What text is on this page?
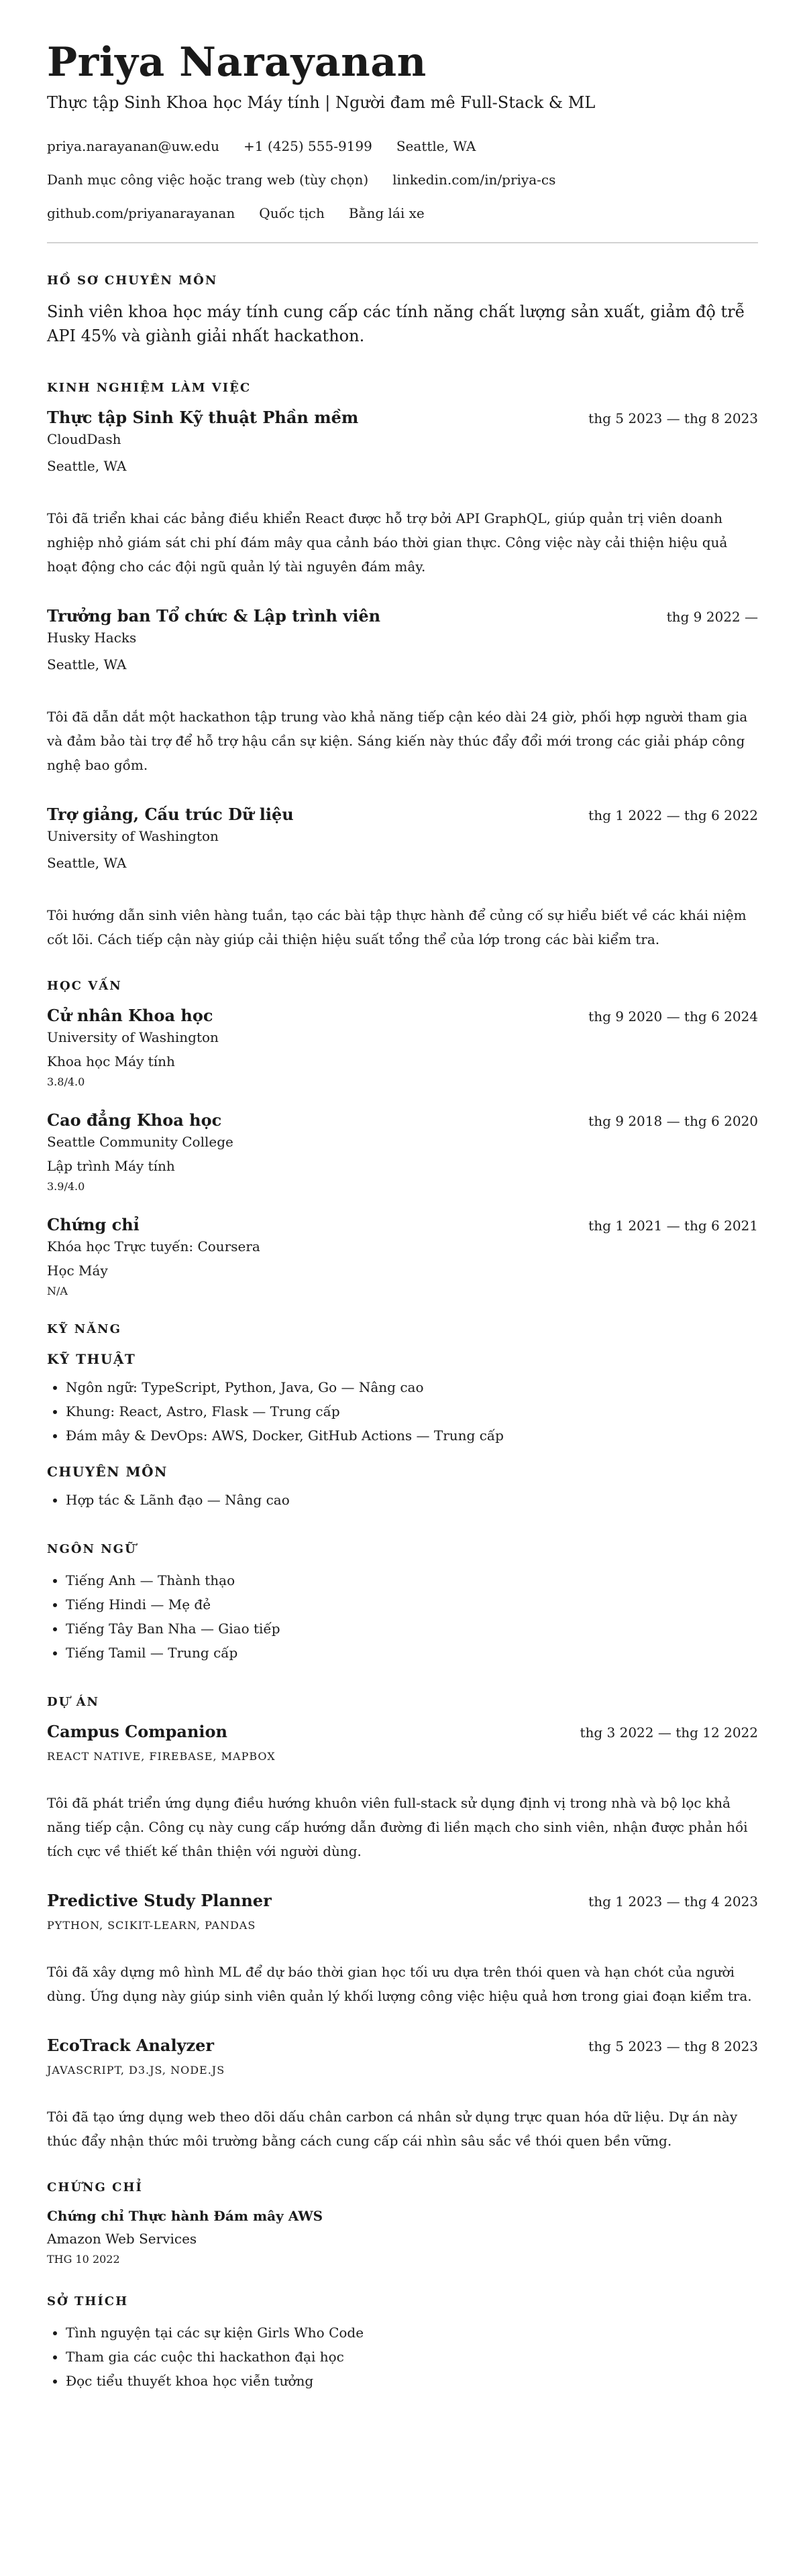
Priya Narayanan
Thực tập Sinh Khoa học Máy tính | Người đam mê Full-Stack & ML
priya.narayanan@uw.edu +1 (425) 555-9199 Seattle, WA
Danh mục công việc hoặc trang web (tùy chọn) linkedin.com/in/priya-cs
github.com/priyanarayanan Quốc tịch Bằng lái xe
HỒ SƠ CHUYÊN MÔN

Sinh viên khoa học máy tính cung cấp các tính năng chất lượng sản xuất, giảm độ trễ API 45% và giành giải nhất hackathon.

KINH NGHIỆM LÀM VIỆC
Thực tập Sinh Kỹ thuật Phần mềm	thg 5 2023 — thg 8 2023
CloudDash
Seattle, WA

Tôi đã triển khai các bảng điều khiển React được hỗ trợ bởi API GraphQL, giúp quản trị viên doanh nghiệp nhỏ giám sát chi phí đám mây qua cảnh báo thời gian thực. Công việc này cải thiện hiệu quả hoạt động cho các đội ngũ quản lý tài nguyên đám mây.

Trưởng ban Tổ chức & Lập trình viên	thg 9 2022 —
Husky Hacks
Seattle, WA

Tôi đã dẫn dắt một hackathon tập trung vào khả năng tiếp cận kéo dài 24 giờ, phối hợp người tham gia và đảm bảo tài trợ để hỗ trợ hậu cần sự kiện. Sáng kiến này thúc đẩy đổi mới trong các giải pháp công nghệ bao gồm.

Trợ giảng, Cấu trúc Dữ liệu	thg 1 2022 — thg 6 2022
University of Washington
Seattle, WA

Tôi hướng dẫn sinh viên hàng tuần, tạo các bài tập thực hành để củng cố sự hiểu biết về các khái niệm cốt lõi. Cách tiếp cận này giúp cải thiện hiệu suất tổng thể của lớp trong các bài kiểm tra.

HỌC VẤN
Cử nhân Khoa học	thg 9 2020 — thg 6 2024
University of Washington
Khoa học Máy tính
3.8/4.0
Cao đẳng Khoa học	thg 9 2018 — thg 6 2020
Seattle Community College
Lập trình Máy tính
3.9/4.0
Chứng chỉ	thg 1 2021 — thg 6 2021
Khóa học Trực tuyến: Coursera
Học Máy
N/A
KỸ NĂNG
KỸ THUẬT
• Ngôn ngữ: TypeScript, Python, Java, Go — Nâng cao
• Khung: React, Astro, Flask — Trung cấp
• Đám mây & DevOps: AWS, Docker, GitHub Actions — Trung cấp
CHUYÊN MÔN
• Hợp tác & Lãnh đạo — Nâng cao
NGÔN NGỮ
• Tiếng Anh — Thành thạo
• Tiếng Hindi — Mẹ đẻ
• Tiếng Tây Ban Nha — Giao tiếp
• Tiếng Tamil — Trung cấp
DỰ ÁN
Campus Companion	thg 3 2022 — thg 12 2022
REACT NATIVE, FIREBASE, MAPBOX

Tôi đã phát triển ứng dụng điều hướng khuôn viên full-stack sử dụng định vị trong nhà và bộ lọc khả năng tiếp cận. Công cụ này cung cấp hướng dẫn đường đi liền mạch cho sinh viên, nhận được phản hồi tích cực về thiết kế thân thiện với người dùng.

Predictive Study Planner	thg 1 2023 — thg 4 2023
PYTHON, SCIKIT-LEARN, PANDAS

Tôi đã xây dựng mô hình ML để dự báo thời gian học tối ưu dựa trên thói quen và hạn chót của người dùng. Ứng dụng này giúp sinh viên quản lý khối lượng công việc hiệu quả hơn trong giai đoạn kiểm tra.

EcoTrack Analyzer	thg 5 2023 — thg 8 2023
JAVASCRIPT, D3.JS, NODE.JS

Tôi đã tạo ứng dụng web theo dõi dấu chân carbon cá nhân sử dụng trực quan hóa dữ liệu. Dự án này thúc đẩy nhận thức môi trường bằng cách cung cấp cái nhìn sâu sắc về thói quen bền vững.

CHỨNG CHỈ
Chứng chỉ Thực hành Đám mây AWS
Amazon Web Services
THG 10 2022
SỞ THÍCH
• Tình nguyện tại các sự kiện Girls Who Code
• Tham gia các cuộc thi hackathon đại học
• Đọc tiểu thuyết khoa học viễn tưởng
